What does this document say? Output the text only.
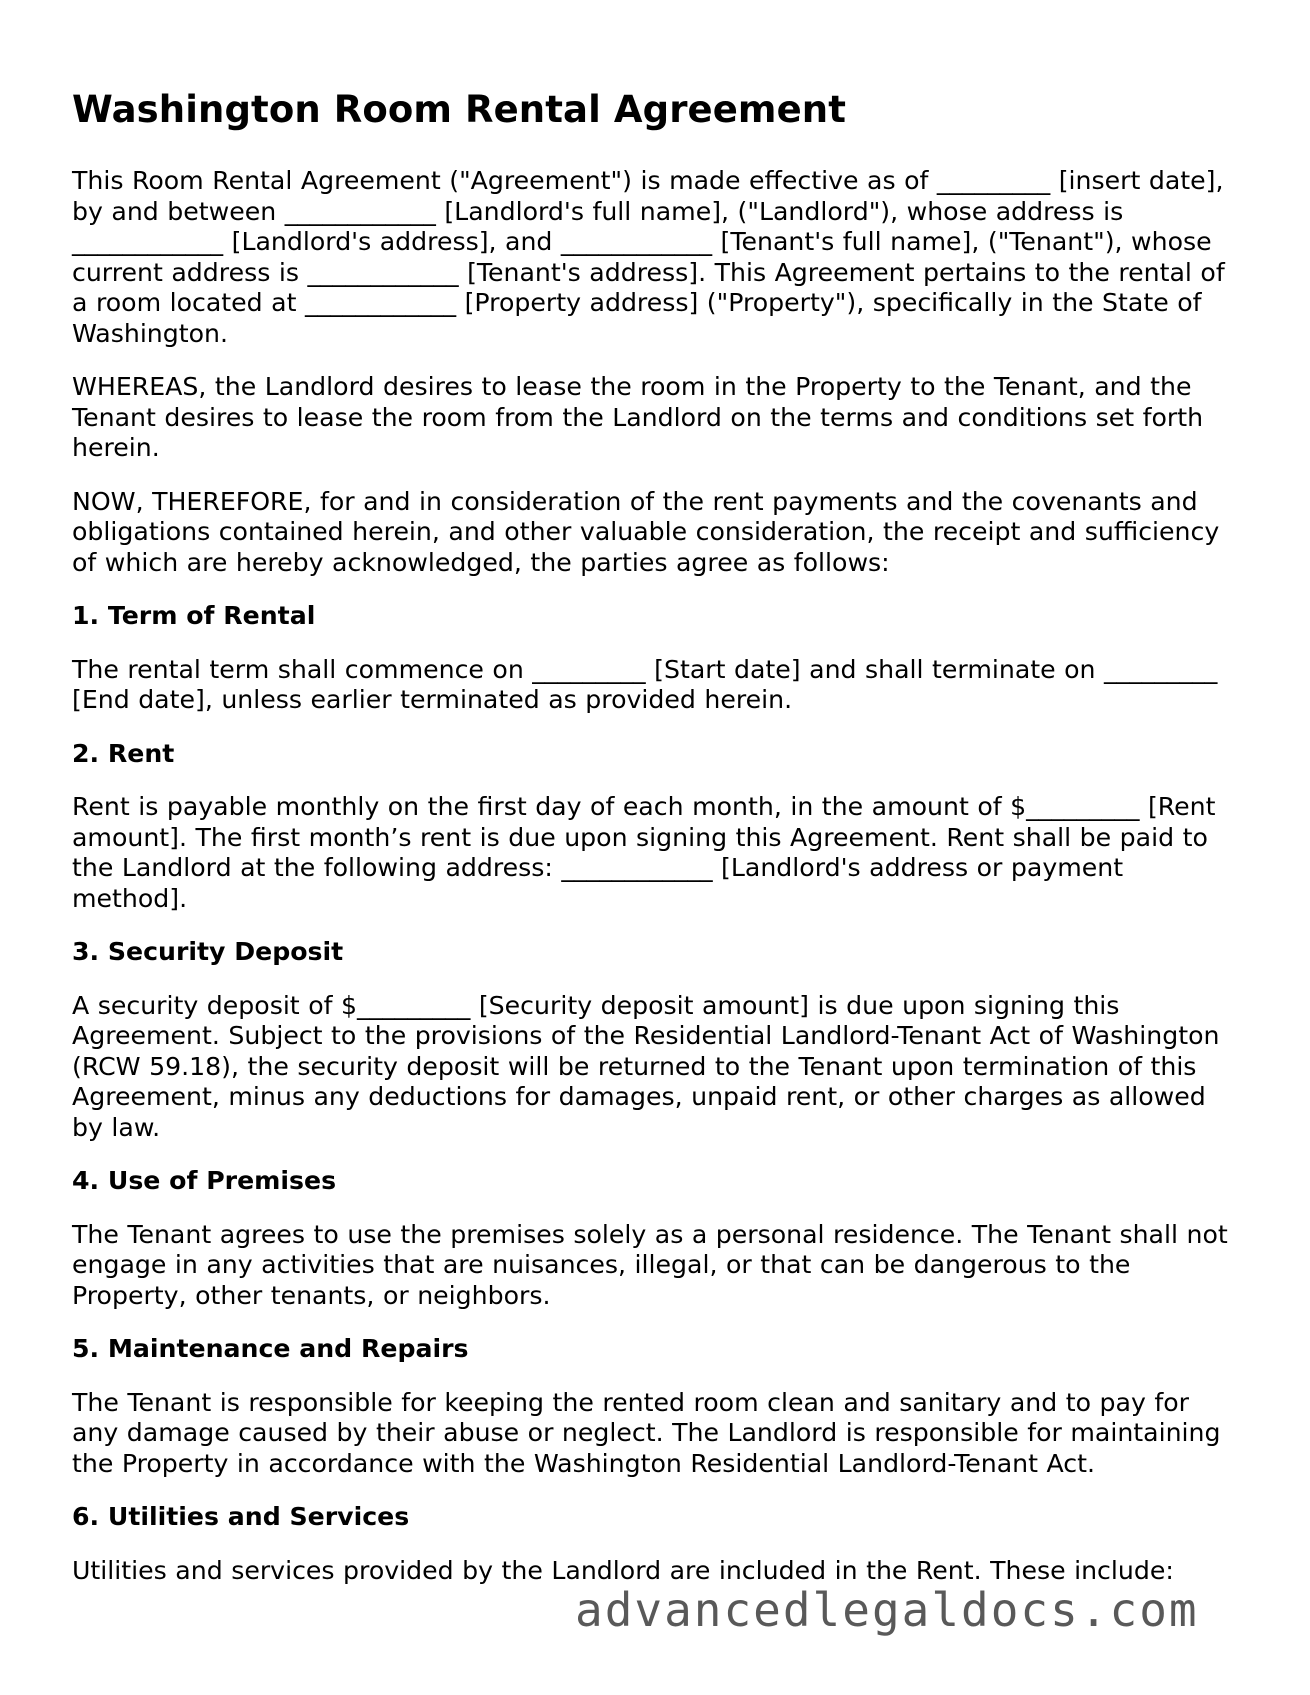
Washington Room Rental Agreement

This Room Rental Agreement ("Agreement") is made effective as of _________ [insert date], by and between ____________ [Landlord's full name], ("Landlord"), whose address is ____________ [Landlord's address], and ____________ [Tenant's full name], ("Tenant"), whose current address is ____________ [Tenant's address]. This Agreement pertains to the rental of a room located at ____________ [Property address] ("Property"), specifically in the State of Washington.

WHEREAS, the Landlord desires to lease the room in the Property to the Tenant, and the Tenant desires to lease the room from the Landlord on the terms and conditions set forth herein.

NOW, THEREFORE, for and in consideration of the rent payments and the covenants and obligations contained herein, and other valuable consideration, the receipt and sufficiency of which are hereby acknowledged, the parties agree as follows:

1. Term of Rental

The rental term shall commence on _________ [Start date] and shall terminate on _________ [End date], unless earlier terminated as provided herein.

2. Rent

Rent is payable monthly on the first day of each month, in the amount of $_________ [Rent amount]. The first month’s rent is due upon signing this Agreement. Rent shall be paid to the Landlord at the following address: ____________ [Landlord's address or payment method].

3. Security Deposit

A security deposit of $_________ [Security deposit amount] is due upon signing this Agreement. Subject to the provisions of the Residential Landlord-Tenant Act of Washington (RCW 59.18), the security deposit will be returned to the Tenant upon termination of this Agreement, minus any deductions for damages, unpaid rent, or other charges as allowed by law.

4. Use of Premises

The Tenant agrees to use the premises solely as a personal residence. The Tenant shall not engage in any activities that are nuisances, illegal, or that can be dangerous to the Property, other tenants, or neighbors.

5. Maintenance and Repairs

The Tenant is responsible for keeping the rented room clean and sanitary and to pay for any damage caused by their abuse or neglect. The Landlord is responsible for maintaining the Property in accordance with the Washington Residential Landlord-Tenant Act.

6. Utilities and Services

Utilities and services provided by the Landlord are included in the Rent. These include:

advancedlegaldocs.com
